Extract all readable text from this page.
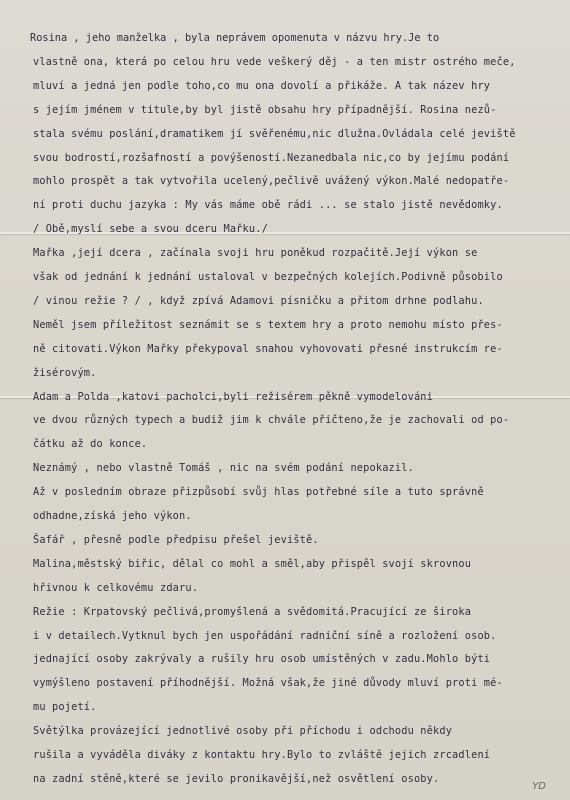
Rosina , jeho manželka , byla neprávem opomenuta v názvu hry.Je to
vlastně ona, která po celou hru vede veškerý děj - a ten mistr ostrého meče,
mluví a jedná jen podle toho,co mu ona dovolí a přikáže. A tak název hry
s jejím jménem v titule,by byl jistě obsahu hry případnější. Rosina nezů-
stala svému poslání,dramatikem jí svěřenému,nic dlužna.Ovládala celé jeviště
svou bodrostí,rozšafností a povýšeností.Nezanedbala nic,co by jejímu podání
mohlo prospět a tak vytvořila ucelený,pečlivě uvážený výkon.Malé nedopatře-
ní proti duchu jazyka : My vás máme obě rádi ... se stalo jistě nevědomky.
/ Obě,myslí sebe a svou dceru Mařku./
Mařka ,její dcera , začínala svoji hru poněkud rozpačitě.Její výkon se
však od jednání k jednání ustaloval v bezpečných kolejích.Podivně působilo
/ vinou režie ? / , když zpívá Adamovi písničku a přitom drhne podlahu.
Neměl jsem příležitost seznámit se s textem hry a proto nemohu místo přes-
ně citovati.Výkon Mařky překypoval snahou vyhovovati přesné instrukcím re-
žisérovým.
Adam a Polda ,katovi pacholci,byli režisérem pěkně vymodelováni
ve dvou různých typech a budiž jim k chvále přičteno,že je zachovali od po-
čátku až do konce.
Neznámý , nebo vlastně Tomáš , nic na svém podání nepokazil.
Až v posledním obraze přizpůsobí svůj hlas potřebné síle a tuto správně
odhadne,získá jeho výkon.
Šafář , přesně podle předpisu přešel jeviště.
Malina,městský biřic, dělal co mohl a směl,aby přispěl svojí skrovnou
hřivnou k celkovému zdaru.
Režie : Krpatovský pečlivá,promyšlená a svědomitá.Pracující ze široka
i v detailech.Vytknul bych jen uspořádání radniční síně a rozložení osob.
jednající osoby zakrývaly a rušily hru osob umístěných v zadu.Mohlo býti
vymýšleno postavení příhodnější. Možná však,že jiné důvody mluví proti mé-
mu pojetí.
Světýlka provázející jednotlivé osoby při příchodu i odchodu někdy
rušila a vyváděla diváky z kontaktu hry.Bylo to zvláště jejich zrcadlení
na zadní stěně,které se jevilo pronikavější,než osvětlení osoby.
YD
